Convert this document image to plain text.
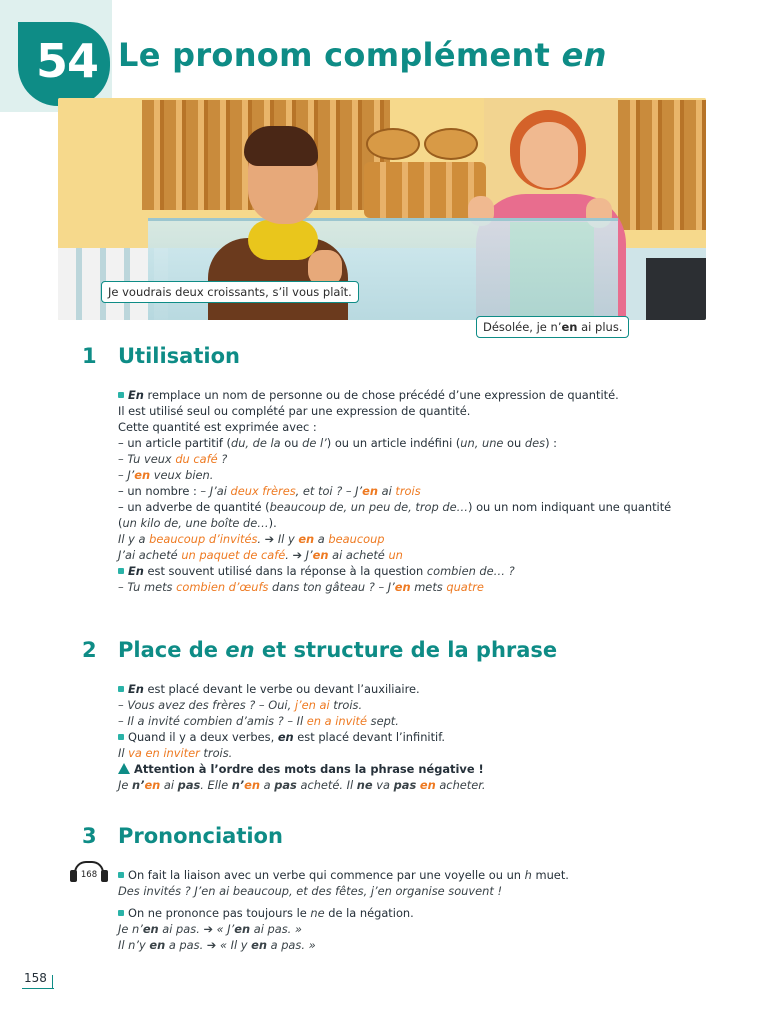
54 Le pronom complément en
Je voudrais deux croissants, s’il vous plaît.
Désolée, je n’en ai plus.
1 Utilisation
En remplace un nom de personne ou de chose précédé d’une expression de quantité.
Il est utilisé seul ou complété par une expression de quantité.
Cette quantité est exprimée avec :
– un article partitif (du, de la ou de l’) ou un article indéfini (un, une ou des) :
– Tu veux du café ?
– J’en veux bien.
– un nombre : – J’ai deux frères, et toi ? – J’en ai trois
– un adverbe de quantité (beaucoup de, un peu de, trop de…) ou un nom indiquant une quantité
(un kilo de, une boîte de…).
Il y a beaucoup d’invités. ➔ Il y en a beaucoup
J’ai acheté un paquet de café. ➔ J’en ai acheté un
En est souvent utilisé dans la réponse à la question combien de… ?
– Tu mets combien d’œufs dans ton gâteau ? – J’en mets quatre
2 Place de en et structure de la phrase
En est placé devant le verbe ou devant l’auxiliaire.
– Vous avez des frères ? – Oui, j’en ai trois.
– Il a invité combien d’amis ? – Il en a invité sept.
Quand il y a deux verbes, en est placé devant l’infinitif.
Il va en inviter trois.
Attention à l’ordre des mots dans la phrase négative !
Je n’en ai pas. Elle n’en a pas acheté. Il ne va pas en acheter.
3 Prononciation
168	On fait la liaison avec un verbe qui commence par une voyelle ou un h muet.
Des invités ? J’en ai beaucoup, et des fêtes, j’en organise souvent !
On ne prononce pas toujours le ne de la négation.
Je n’en ai pas. ➔ « J’en ai pas. »
Il n’y en a pas. ➔ « Il y en a pas. »
158
